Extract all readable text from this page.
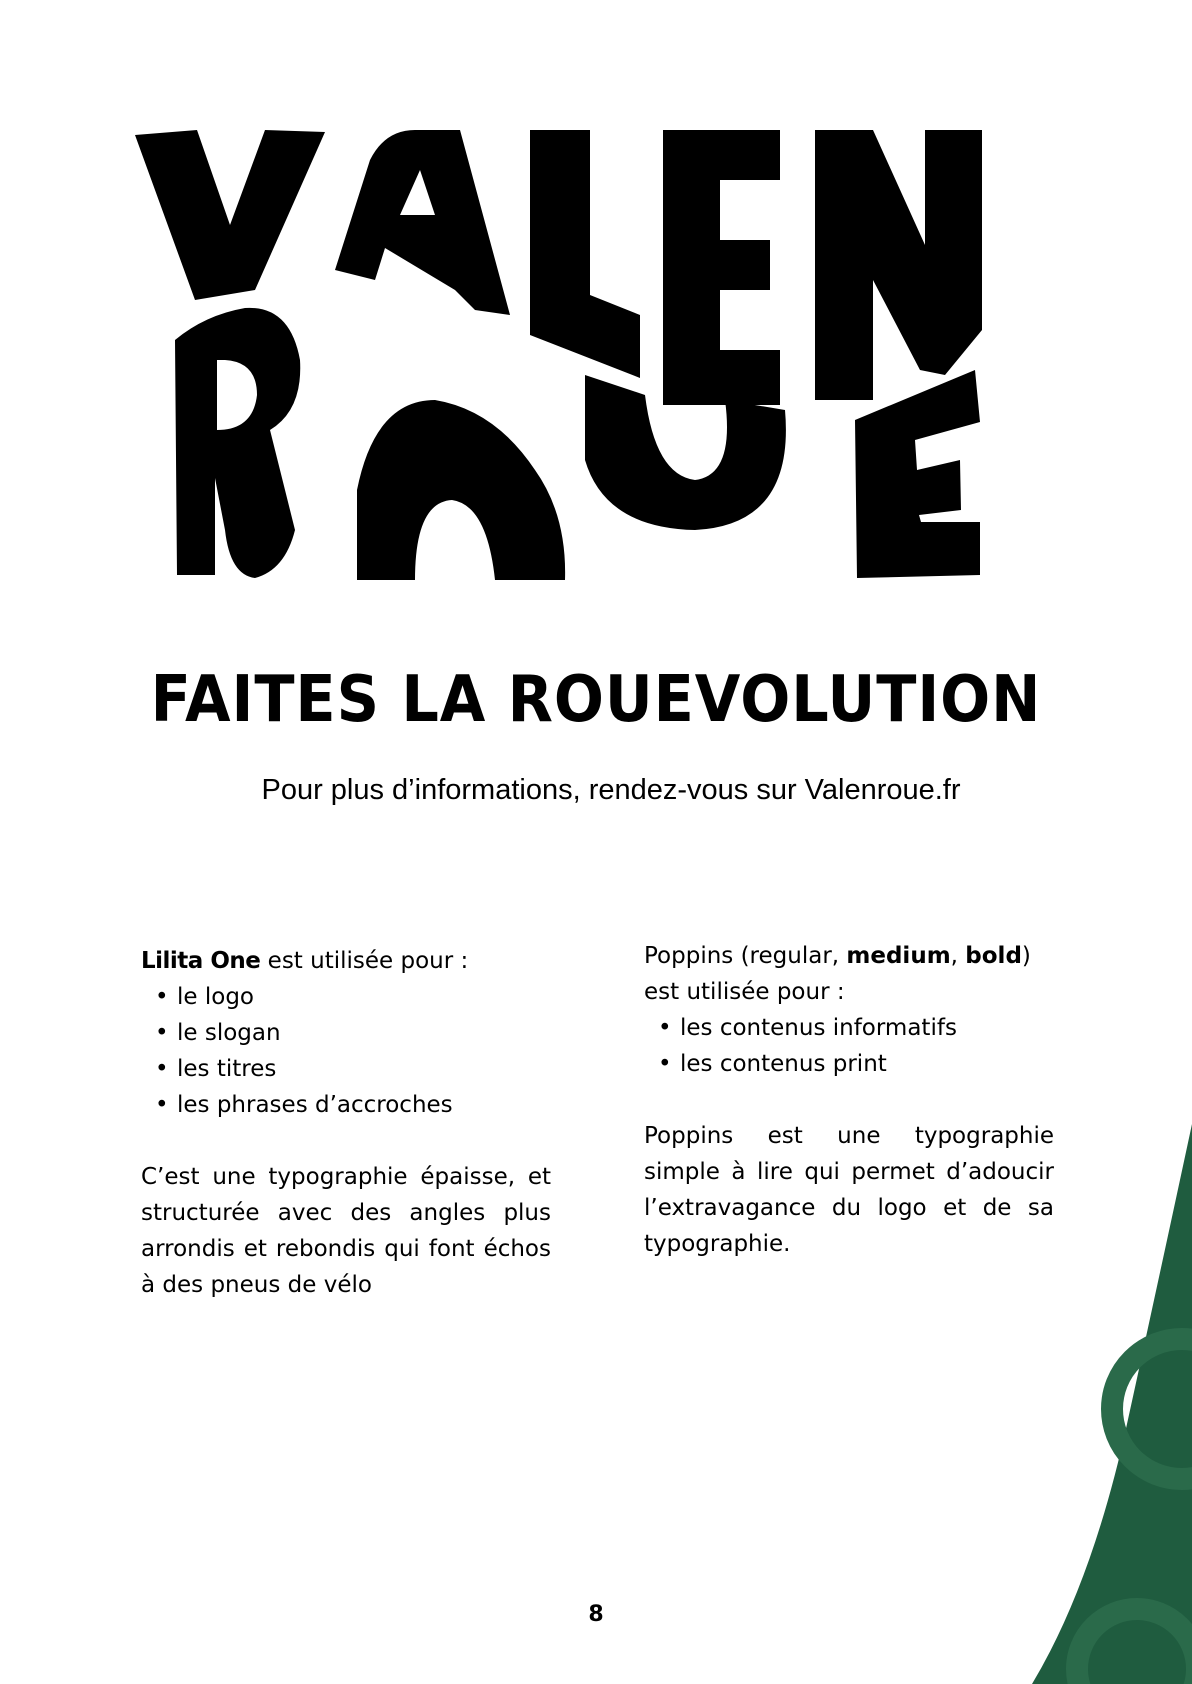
FAITES LA ROUEVOLUTION
Pour plus d’informations, rendez-vous sur Valenroue.fr

Lilita One est utilisée pour :

• le logo
• le slogan
• les titres
• les phrases d’accroches

C’est une typographie épaisse, et structurée avec des angles plus arrondis et rebondis qui font échos à des pneus de vélo

Poppins (regular, medium, bold)

est utilisée pour :

• les contenus informatifs
• les contenus print

Poppins est une typographie simple à lire qui permet d’adoucir l’extravagance du logo et de sa typographie.

8
